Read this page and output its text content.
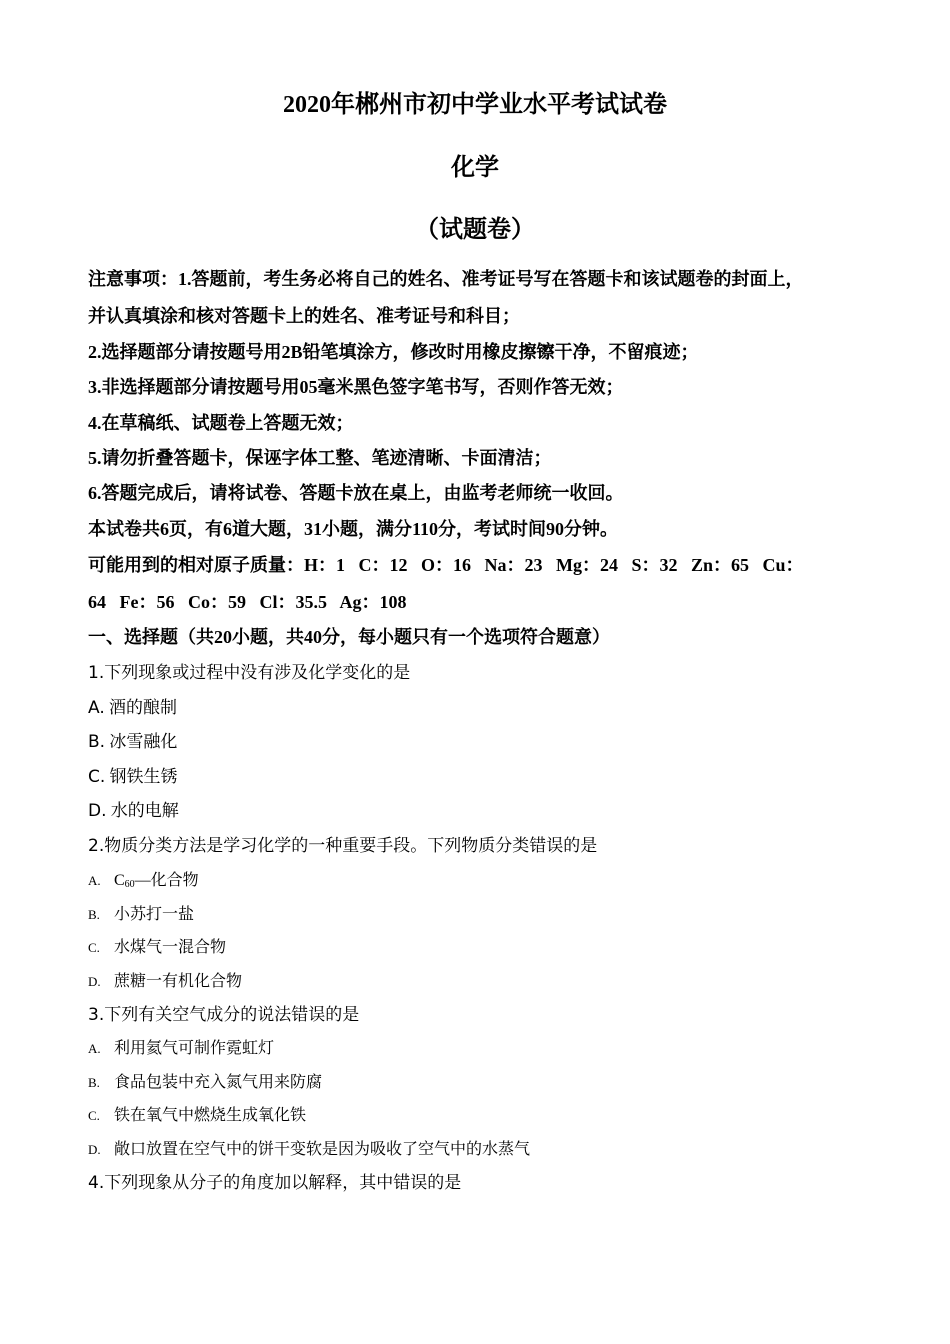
2020年郴州市初中学业水平考试试卷
化学
（试题卷）
注意事项：1.答题前，考生务必将自己的姓名、准考证号写在答题卡和该试题卷的封面上，
并认真填涂和核对答题卡上的姓名、准考证号和科目；
2.选择题部分请按题号用2B铅笔填涂方，修改时用橡皮擦镲干净，不留痕迹；
3.非选择题部分请按题号用05毫米黑色签字笔书写，否则作答无效；
4.在草稿纸、试题卷上答题无效；
5.请勿折叠答题卡，保诬字体工整、笔迹清晰、卡面清洁；
6.答题完成后，请将试卷、答题卡放在桌上，由监考老师统一收回。
本试卷共6页，有6道大题，31小题，满分110分，考试时间90分钟。
可能用到的相对原子质量：H：1   C：12   O：16   Na：23   Mg：24   S：32   Zn：65   Cu：
64   Fe：56   Co：59   Cl：35.5   Ag：108
一、选择题（共20小题，共40分，每小题只有一个选项符合题意）
1.下列现象或过程中没有涉及化学变化的是
A. 酒的酿制
B. 冰雪融化
C. 钢铁生锈
D. 水的电解
2.物质分类方法是学习化学的一种重要手段。下列物质分类错误的是
A. $C_{60}—$化合物
B. 小苏打一盐
C. 水煤气一混合物
D. 蔗糖一有机化合物
3.下列有关空气成分的说法错误的是
A. 利用氦气可制作霓虹灯
B. 食品包装中充入氮气用来防腐
C. 铁在氧气中燃烧生成氧化铁
D. 敞口放置在空气中的饼干变软是因为吸收了空气中的水蒸气
4.下列现象从分子的角度加以解释，其中错误的是
